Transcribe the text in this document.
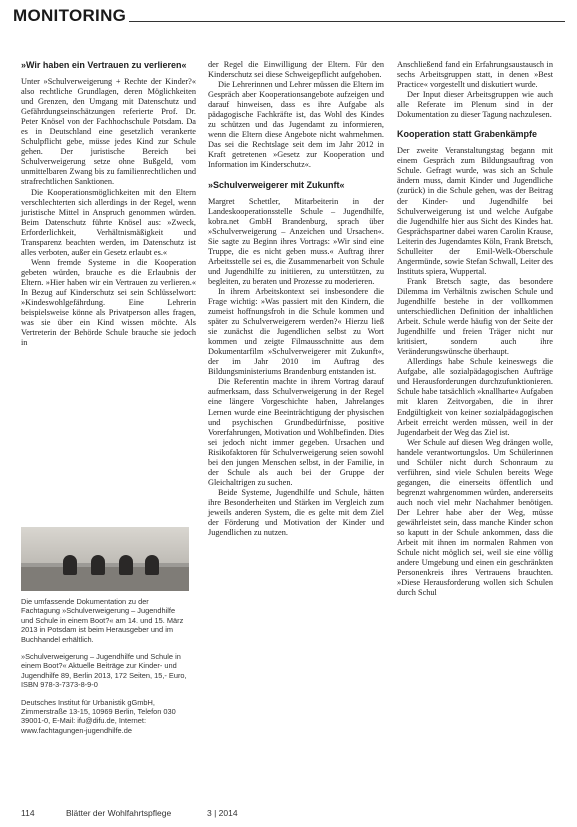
MONITORING
»Wir haben ein Vertrauen zu verlieren«

Unter »Schulverweigerung + Rechte der Kinder?« also rechtliche Grundlagen, deren Möglichkeiten und Grenzen, den Umgang mit Datenschutz und Gefährdungseinschätzungen referierte Prof. Dr. Peter Knösel von der Fachhochschule Potsdam. Da es in Deutschland eine gesetzlich verankerte Schulpflicht gebe, müsse jedes Kind zur Schule gehen. Der juristische Bereich bei Schulverweigerung setze ohne Bußgeld, vom unmittelbaren Zwang bis zu familienrechtlichen und strafrechtlichen Sanktionen.

Die Kooperationsmöglichkeiten mit den Eltern verschlechterten sich allerdings in der Regel, wenn juristische Mittel in Anspruch genommen würden. Beim Datenschutz führte Knösel aus: »Zweck, Erforderlichkeit, Verhältnismäßigkeit und Transparenz beachten werden, im Datenschutz ist alles verboten, außer ein Gesetz erlaubt es.«

Wenn fremde Systeme in die Kooperation gebeten würden, brauche es die Erlaubnis der Eltern. »Hier haben wir ein Vertrauen zu verlieren.« In Bezug auf Kinderschutz sei sein Schlüsselwort: »Kindeswohlgefährdung. Eine Lehrerin beispielsweise könne als Privatperson alles fragen, was sie über ein Kind wissen möchte. Als Vertreterin der Behörde Schule brauche sie jedoch in

Die umfassende Dokumentation zu der Fachtagung »Schulverweigerung – Jugendhilfe und Schule in einem Boot?« am 14. und 15. März 2013 in Potsdam ist beim Herausgeber und im Buchhandel erhältlich.

»Schulverweigerung – Jugendhilfe und Schule in einem Boot?« Aktuelle Beiträge zur Kinder- und Jugendhilfe 89, Berlin 2013, 172 Seiten, 15,- Euro, ISBN 978-3-7373-8-9-0

Deutsches Institut für Urbanistik gGmbH, Zimmerstraße 13-15, 10969 Berlin, Telefon 030 39001-0, E-Mail: ifu@difu.de, Internet: www.fachtagungen-jugendhilfe.de

der Regel die Einwilligung der Eltern. Für den Kinderschutz sei diese Schweigepflicht aufgehoben.

Die Lehrerinnen und Lehrer müssen die Eltern im Gespräch aber Kooperationsangebote aufzeigen und darauf hinweisen, dass es ihre Aufgabe als pädagogische Fachkräfte ist, das Wohl des Kindes zu schützen und das Jugendamt zu informieren, wenn die Eltern diese Angebote nicht wahrnehmen. Das sei die Rechtslage seit dem im Jahr 2012 in Kraft getretenen »Gesetz zur Kooperation und Information im Kinderschutz«.

»Schulverweigerer mit Zukunft«

Margret Schettler, Mitarbeiterin in der Landeskooperationsstelle Schule – Jugendhilfe, kobra.net GmbH Brandenburg, sprach über »Schulverweigerung – Anzeichen und Ursachen«. Sie sagte zu Beginn ihres Vortrags: »Wir sind eine Truppe, die es nicht geben muss.« Auftrag ihrer Arbeitsstelle sei es, die Zusammenarbeit von Schule und Jugendhilfe zu initiieren, zu unterstützen, zu begleiten, zu beraten und Prozesse zu moderieren.

In ihrem Arbeitskontext sei insbesondere die Frage wichtig: »Was passiert mit den Kindern, die zumeist hoffnungsfroh in die Schule kommen und später zu Schulverweigerern werden?« Hierzu ließ sie zunächst die Jugendlichen selbst zu Wort kommen und zeigte Filmausschnitte aus dem Dokumentarfilm »Schulverweigerer mit Zukunft«, der im Jahr 2010 im Auftrag des Bildungsministeriums Brandenburg entstanden ist.

Die Referentin machte in ihrem Vortrag darauf aufmerksam, dass Schulverweigerung in der Regel eine längere Vorgeschichte haben, Jahrelanges Lernen wurde eine Beeinträchtigung der physischen und psychischen Grundbedürfnisse, positive Vorerfahrungen, Motivation und Wohlbefinden. Dies sei jedoch nicht immer gegeben. Ursachen und Risikofaktoren für Schulverweigerung seien sowohl bei den jungen Menschen selbst, in der Familie, in der Schule als auch bei der Gruppe der Gleichaltrigen zu suchen.

Beide Systeme, Jugendhilfe und Schule, hätten ihre Besonderheiten und Stärken im Vergleich zum jeweils anderen System, die es gelte mit dem Ziel der Förderung und Motivation der Kinder und Jugendlichen zu nutzen.

Anschließend fand ein Erfahrungsaustausch in sechs Arbeitsgruppen statt, in denen »Best Practice« vorgestellt und diskutiert wurde.

Der Input dieser Arbeitsgruppen wie auch alle Referate im Plenum sind in der Dokumentation zu dieser Tagung nachzulesen.

Kooperation statt Grabenkämpfe

Der zweite Veranstaltungstag begann mit einem Gespräch zum Bildungsauftrag von Schule. Gefragt wurde, was sich an Schule ändern muss, damit Kinder und Jugendliche (zurück) in die Schule gehen, was der Beitrag der Kinder- und Jugendhilfe bei Schulverweigerung ist und welche Aufgabe die Jugendhilfe hier aus Sicht des Kindes hat. Gesprächspartner dabei waren Carolin Krause, Leiterin des Jugendamtes Köln, Frank Bretsch, Schulleiter der Emil-Welk-Oberschule Angermünde, sowie Stefan Schwall, Leiter des Instituts spiera, Wuppertal.

Frank Bretsch sagte, das besondere Dilemma im Verhältnis zwischen Schule und Jugendhilfe bestehe in der vollkommen unterschiedlichen Definition der inhaltlichen Arbeit. Schule werde häufig von der Seite der Jugendhilfe und freien Träger nicht nur kritisiert, sondern auch ihre Veränderungswünsche überhaupt.

Allerdings habe Schule keineswegs die Aufgabe, alle sozialpädagogischen Aufträge und Herausforderungen durchzufunktionieren. Schule habe tatsächlich »knallharte« Aufgaben mit klaren Zeitvorgaben, die in ihrer Endgültigkeit von keiner sozialpädagogischen Arbeit erreicht werden müssen, weil in der Jugendarbeit der Weg das Ziel ist.

Wer Schule auf diesen Weg drängen wolle, handele verantwortungslos. Um Schülerinnen und Schüler nicht durch Schonraum zu verführen, sind viele Schulen bereits Wege gegangen, die einerseits öffentlich und begrenzt wahrgenommen würden, andererseits auch noch viel mehr Nachahmer benötigen. Der Lehrer habe aber der Weg, müsse gewährleistet sein, dass manche Kinder schon so kaputt in der Schule ankommen, dass die Arbeit mit ihnen im normalen Rahmen von Schule nicht möglich sei, weil sie eine völlig andere Umgebung und einen ein geschränkten Personenkreis ihres Vertrauens brauchten. »Diese Herausforderung wollen sich Schulen durch Schul

114	Blätter der Wohlfahrtspflege	3 | 2014
